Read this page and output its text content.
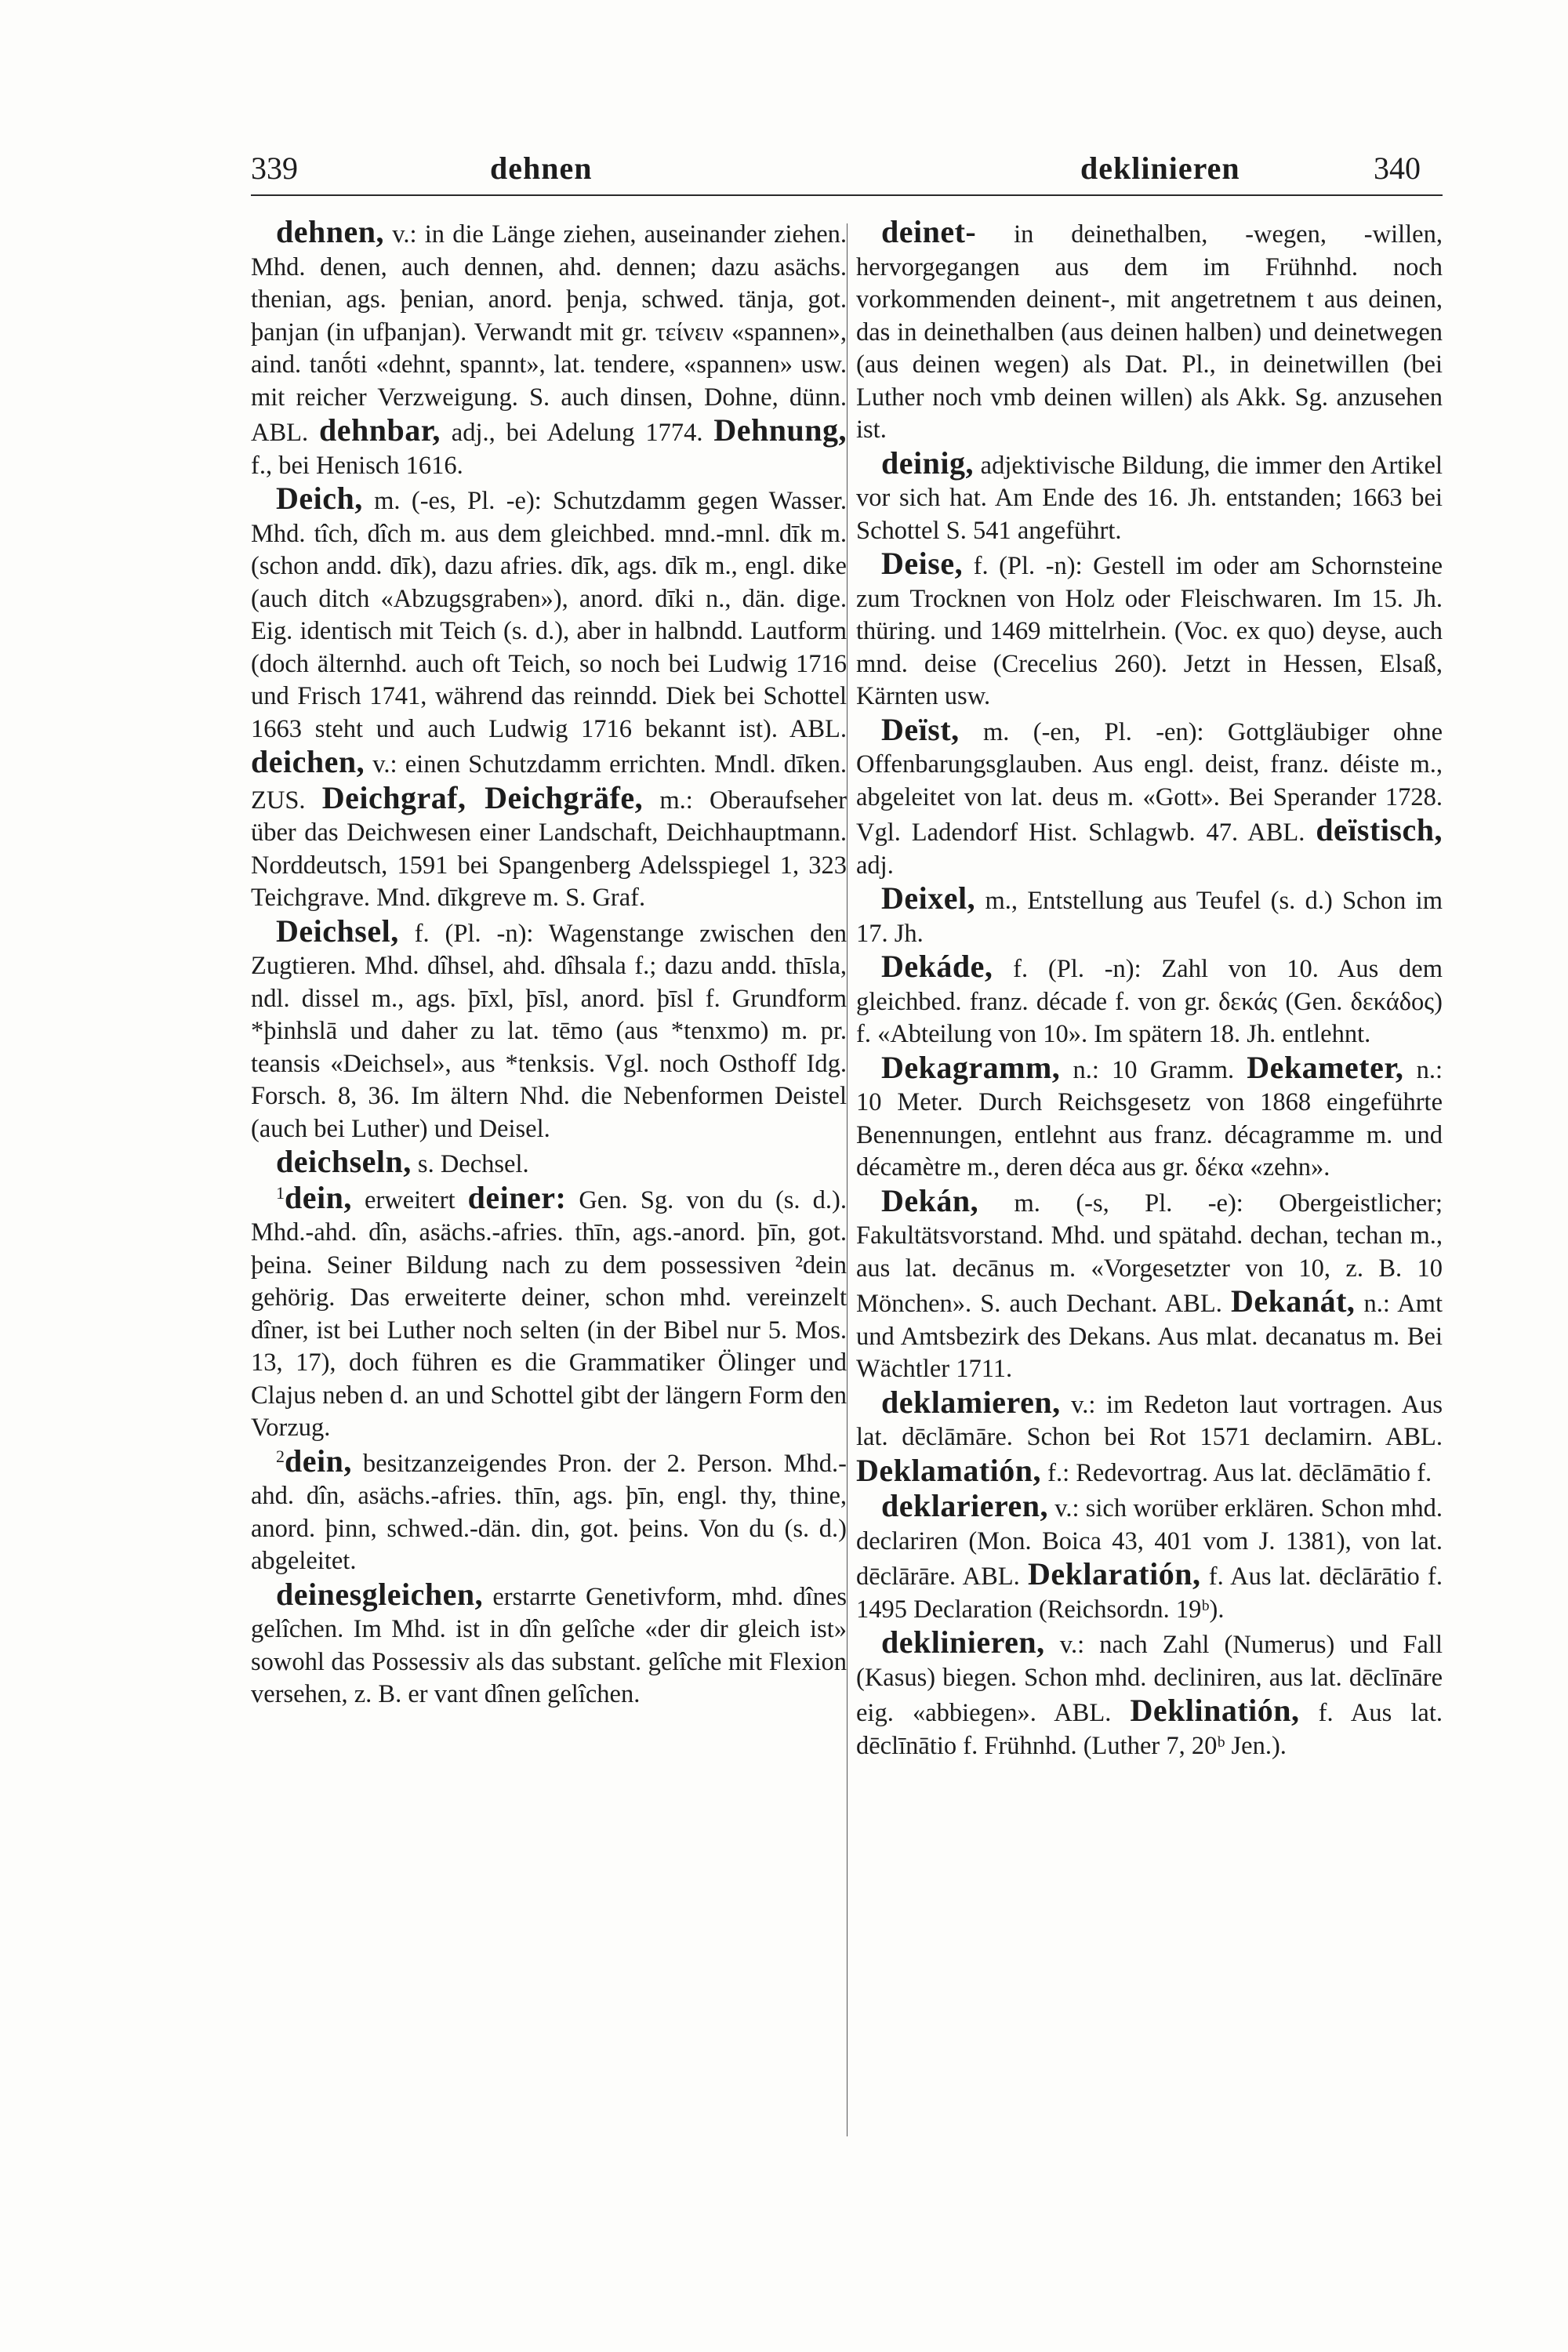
339	dehnen	deklinieren	340

dehnen, v.: in die Länge ziehen, auseinander ziehen. Mhd. denen, auch dennen, ahd. dennen; dazu asächs. thenian, ags. þenian, anord. þenja, schwed. tänja, got. þanjan (in ufþanjan). Verwandt mit gr. τείνειν «spannen», aind. tanṓti «dehnt, spannt», lat. tendere, «spannen» usw. mit reicher Verzweigung. S. auch dinsen, Dohne, dünn. ABL. dehnbar, adj., bei Adelung 1774. Dehnung, f., bei Henisch 1616.

Deich, m. (-es, Pl. -e): Schutzdamm gegen Wasser. Mhd. tîch, dîch m. aus dem gleichbed. mnd.-mnl. dīk m. (schon andd. dīk), dazu afries. dīk, ags. dīk m., engl. dike (auch ditch «Abzugsgraben»), anord. dīki n., dän. dige. Eig. identisch mit Teich (s. d.), aber in halbndd. Lautform (doch älternhd. auch oft Teich, so noch bei Ludwig 1716 und Frisch 1741, während das reinndd. Diek bei Schottel 1663 steht und auch Ludwig 1716 bekannt ist). ABL. deichen, v.: einen Schutzdamm errichten. Mndl. dīken. ZUS. Deichgraf, Deichgräfe, m.: Oberaufseher über das Deichwesen einer Landschaft, Deichhauptmann. Norddeutsch, 1591 bei Spangenberg Adelsspiegel 1, 323 Teichgrave. Mnd. dīkgreve m. S. Graf.

Deichsel, f. (Pl. -n): Wagenstange zwischen den Zugtieren. Mhd. dîhsel, ahd. dîhsala f.; dazu andd. thīsla, ndl. dissel m., ags. þīxl, þīsl, anord. þīsl f. Grundform *þinhslā und daher zu lat. tēmo (aus *tenxmo) m. pr. teansis «Deichsel», aus *tenksis. Vgl. noch Osthoff Idg. Forsch. 8, 36. Im ältern Nhd. die Nebenformen Deistel (auch bei Luther) und Deisel.

deichseln, s. Dechsel.

$^1$dein, erweitert deiner: Gen. Sg. von du (s. d.). Mhd.-ahd. dîn, asächs.-afries. thīn, ags.-anord. þīn, got. þeina. Seiner Bildung nach zu dem possessiven ²dein gehörig. Das erweiterte deiner, schon mhd. vereinzelt dîner, ist bei Luther noch selten (in der Bibel nur 5. Mos. 13, 17), doch führen es die Grammatiker Ölinger und Clajus neben d. an und Schottel gibt der längern Form den Vorzug.

$^2$dein, besitzanzeigendes Pron. der 2. Person. Mhd.-ahd. dîn, asächs.-afries. thīn, ags. þīn, engl. thy, thine, anord. þinn, schwed.-dän. din, got. þeins. Von du (s. d.) abgeleitet.

deinesgleichen, erstarrte Genetivform, mhd. dînes gelîchen. Im Mhd. ist in dîn gelîche «der dir gleich ist» sowohl das Possessiv als das substant. gelîche mit Flexion versehen, z. B. er vant dînen gelîchen.

deinet- in deinethalben, -wegen, -willen, hervorgegangen aus dem im Frühnhd. noch vorkommenden deinent-, mit angetretnem t aus deinen, das in deinethalben (aus deinen halben) und deinetwegen (aus deinen wegen) als Dat. Pl., in deinetwillen (bei Luther noch vmb deinen willen) als Akk. Sg. anzusehen ist.

deinig, adjektivische Bildung, die immer den Artikel vor sich hat. Am Ende des 16. Jh. entstanden; 1663 bei Schottel S. 541 angeführt.

Deise, f. (Pl. -n): Gestell im oder am Schornsteine zum Trocknen von Holz oder Fleischwaren. Im 15. Jh. thüring. und 1469 mittelrhein. (Voc. ex quo) deyse, auch mnd. deise (Crecelius 260). Jetzt in Hessen, Elsaß, Kärnten usw.

Deïst, m. (-en, Pl. -en): Gottgläubiger ohne Offenbarungsglauben. Aus engl. deist, franz. déiste m., abgeleitet von lat. deus m. «Gott». Bei Sperander 1728. Vgl. Ladendorf Hist. Schlagwb. 47. ABL. deïstisch, adj.

Deixel, m., Entstellung aus Teufel (s. d.) Schon im 17. Jh.

Dekáde, f. (Pl. -n): Zahl von 10. Aus dem gleichbed. franz. décade f. von gr. δεκάς (Gen. δεκάδος) f. «Abteilung von 10». Im spätern 18. Jh. entlehnt.

Dekagramm, n.: 10 Gramm. Dekameter, n.: 10 Meter. Durch Reichsgesetz von 1868 eingeführte Benennungen, entlehnt aus franz. décagramme m. und décamètre m., deren déca aus gr. δέκα «zehn».

Dekán, m. (-s, Pl. -e): Obergeistlicher; Fakultätsvorstand. Mhd. und spätahd. dechan, techan m., aus lat. decānus m. «Vorgesetzter von 10, z. B. 10 Mönchen». S. auch Dechant. ABL. Dekanát, n.: Amt und Amtsbezirk des Dekans. Aus mlat. decanatus m. Bei Wächtler 1711.

deklamieren, v.: im Redeton laut vortragen. Aus lat. dēclāmāre. Schon bei Rot 1571 declamirn. ABL. Deklamatión, f.: Redevortrag. Aus lat. dēclāmātio f.

deklarieren, v.: sich worüber erklären. Schon mhd. declariren (Mon. Boica 43, 401 vom J. 1381), von lat. dēclārāre. ABL. Deklaratión, f. Aus lat. dēclārātio f. 1495 Declaration (Reichsordn. 19ᵇ).

deklinieren, v.: nach Zahl (Numerus) und Fall (Kasus) biegen. Schon mhd. decliniren, aus lat. dēclīnāre eig. «abbiegen». ABL. Deklinatión, f. Aus lat. dēclīnātio f. Frühnhd. (Luther 7, 20ᵇ Jen.).
